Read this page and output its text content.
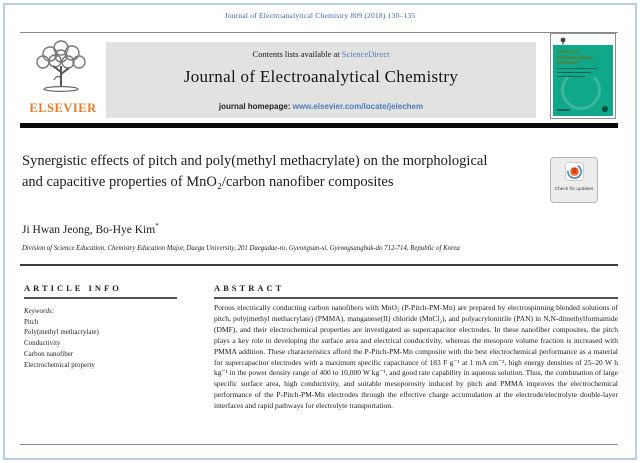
Journal of Electroanalytical Chemistry 809 (2018) 130–135
ELSEVIER
Contents lists available at ScienceDirect
Journal of Electroanalytical Chemistry
journal homepage: www.elsevier.com/locate/jelechem
Journal of Electroanalytical Chemistry
Synergistic effects of pitch and poly(methyl methacrylate) on the morphological and capacitive properties of MnO₂/carbon nanofiber composites	Check for updates
Ji Hwan Jeong, Bo-Hye Kim*
Division of Science Education, Chemistry Education Major, Daegu University, 201 Daegudae-ro, Gyeongsan-si, Gyeongsangbuk-do 712-714, Republic of Korea
ARTICLE INFO	ABSTRACT
Keywords:
Pitch
Poly(methyl methacrylate)
Conductivity
Carbon nanofiber
Electrochemical property
Porous electrically conducting carbon nanofibers with MnO₂ (P-Pitch-PM-Mn) are prepared by electrospinning blended solutions of pitch, poly(methyl methacrylate) (PMMA), manganese(II) chloride (MnCl₂), and polyacrylonitrile (PAN) in N,N-dimethylformamide (DMF), and their electrochemical properties are investigated as supercapacitor electrodes. In these nanofiber composites, the pitch plays a key role in developing the surface area and electrical conductivity, whereas the mesopore volume fraction is increased with PMMA addition. These characteristics afford the P-Pitch-PM-Mn composite with the best electrochemical performance as a material for supercapacitor electrodes with a maximum specific capacitance of 183 F g⁻¹ at 1 mA cm⁻², high energy densities of 25–20 W h kg⁻¹ in the power density range of 400 to 10,000 W kg⁻¹, and good rate capability in aqueous solution. Thus, the combination of large specific surface area, high conductivity, and suitable mesoporosity induced by pitch and PMMA improves the electrochemical performance of the P-Pitch-PM-Mn electrodes through the effective charge accumulation at the electrode/electrolyte double-layer interfaces and rapid pathways for electrolyte transportation.
